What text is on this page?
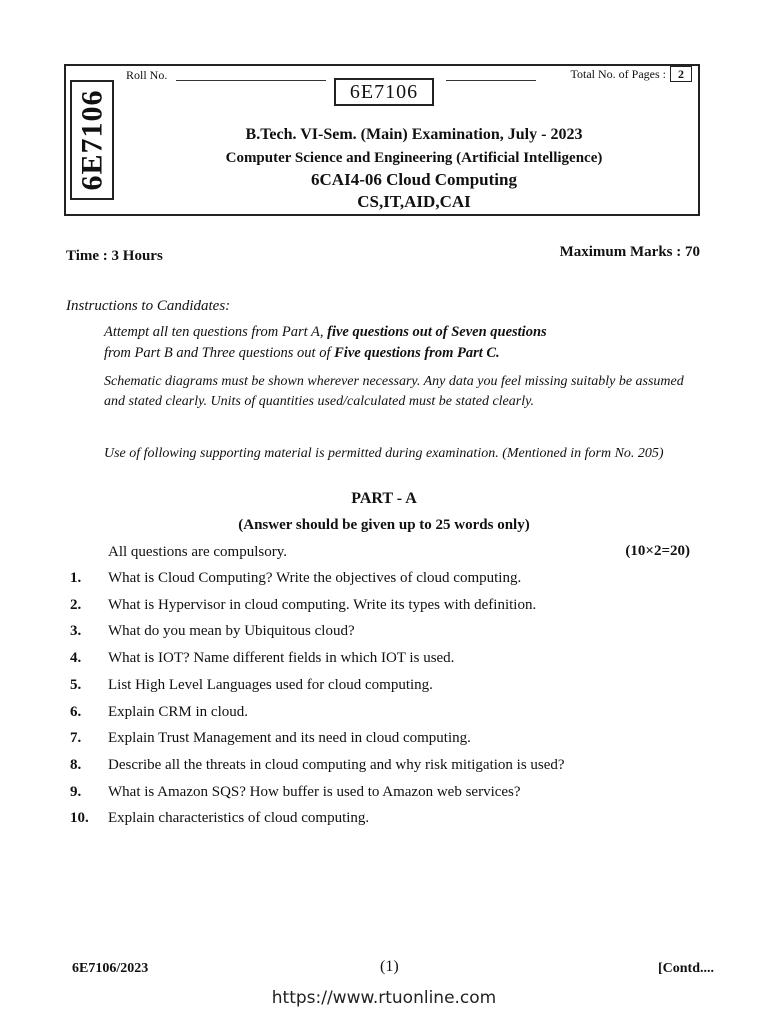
6E7106
Roll No.	Total No. of Pages :	2
6E7106
B.Tech. VI-Sem. (Main) Examination, July - 2023
Computer Science and Engineering (Artificial Intelligence)
6CAI4-06 Cloud Computing
CS,IT,AID,CAI
Time : 3 Hours	Maximum Marks : 70
Instructions to Candidates:
Attempt all ten questions from Part A, five questions out of Seven questions
from Part B and Three questions out of Five questions from Part C.
Schematic diagrams must be shown wherever necessary. Any data you feel missing suitably be assumed and stated clearly. Units of quantities used/calculated must be stated clearly.
Use of following supporting material is permitted during examination. (Mentioned in form No. 205)
PART - A
(Answer should be given up to 25 words only)
All questions are compulsory.	(10×2=20)
1.	What is Cloud Computing? Write the objectives of cloud computing.
2.	What is Hypervisor in cloud computing. Write its types with definition.
3.	What do you mean by Ubiquitous cloud?
4.	What is IOT? Name different fields in which IOT is used.
5.	List High Level Languages used for cloud computing.
6.	Explain CRM in cloud.
7.	Explain Trust Management and its need in cloud computing.
8.	Describe all the threats in cloud computing and why risk mitigation is used?
9.	What is Amazon SQS? How buffer is used to Amazon web services?
10.	Explain characteristics of cloud computing.
6E7106/2023	(1)	[Contd....
https://www.rtuonline.com
